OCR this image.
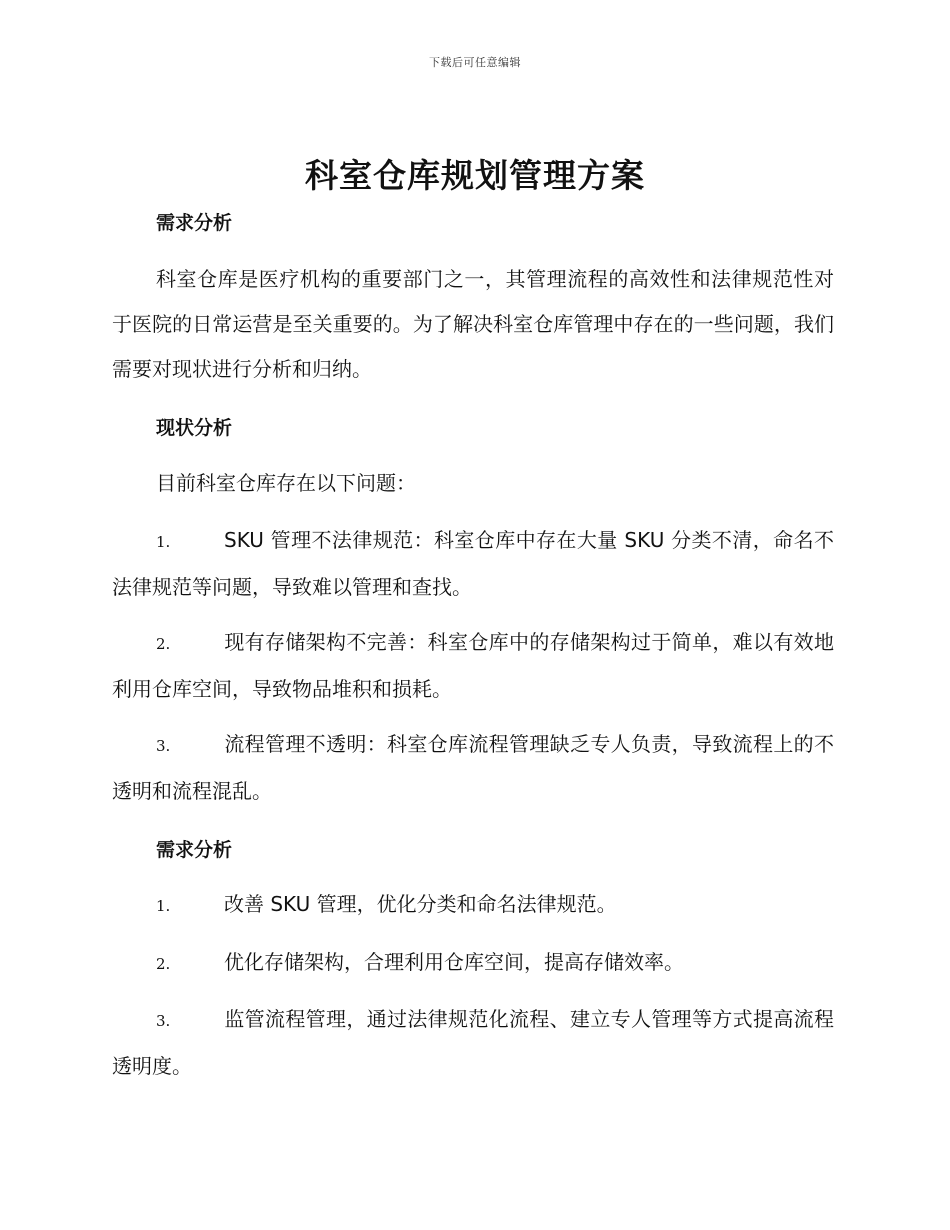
下载后可任意编辑
科室仓库规划管理方案
需求分析

科室仓库是医疗机构的重要部门之一，其管理流程的高效性和法律规范性对于医院的日常运营是至关重要的。为了解决科室仓库管理中存在的一些问题，我们需要对现状进行分析和归纳。

现状分析

目前科室仓库存在以下问题：

1.	SKU 管理不法律规范：科室仓库中存在大量 SKU 分类不清，命名不法律规范等问题，导致难以管理和查找。

2.	现有存储架构不完善：科室仓库中的存储架构过于简单，难以有效地利用仓库空间，导致物品堆积和损耗。

3.	流程管理不透明：科室仓库流程管理缺乏专人负责，导致流程上的不透明和流程混乱。

需求分析

1.	改善 SKU 管理，优化分类和命名法律规范。

2.	优化存储架构，合理利用仓库空间，提高存储效率。

3.	监管流程管理，通过法律规范化流程、建立专人管理等方式提高流程透明度。
